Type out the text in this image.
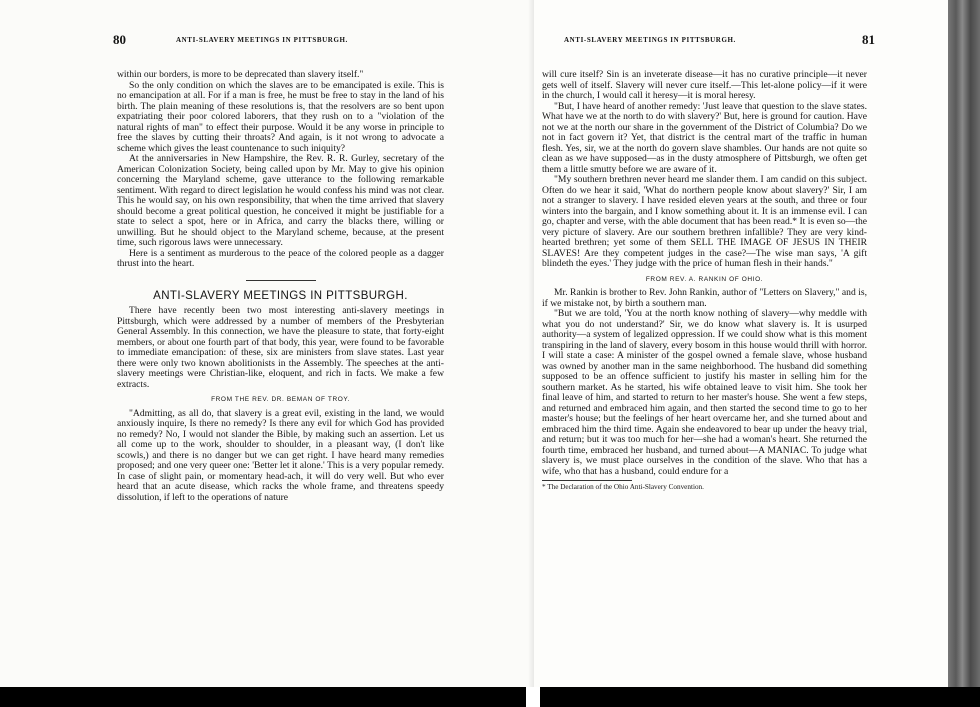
80	ANTI-SLAVERY MEETINGS IN PITTSBURGH.

within our borders, is more to be deprecated than slavery itself."

So the only condition on which the slaves are to be emancipated is exile. This is no emancipation at all. For if a man is free, he must be free to stay in the land of his birth. The plain meaning of these resolutions is, that the resolvers are so bent upon expatriating their poor colored laborers, that they rush on to a "violation of the natural rights of man" to effect their purpose. Would it be any worse in principle to free the slaves by cutting their throats? And again, is it not wrong to advocate a scheme which gives the least countenance to such iniquity?

At the anniversaries in New Hampshire, the Rev. R. R. Gurley, secretary of the American Colonization Society, being called upon by Mr. May to give his opinion concerning the Maryland scheme, gave utterance to the following remarkable sentiment. With regard to direct legislation he would confess his mind was not clear. This he would say, on his own responsibility, that when the time arrived that slavery should become a great political question, he conceived it might be justifiable for a state to select a spot, here or in Africa, and carry the blacks there, willing or unwilling. But he should object to the Maryland scheme, because, at the present time, such rigorous laws were unnecessary.

Here is a sentiment as murderous to the peace of the colored people as a dagger thrust into the heart.

ANTI-SLAVERY MEETINGS IN PITTSBURGH.

There have recently been two most interesting anti-slavery meetings in Pittsburgh, which were addressed by a number of members of the Presbyterian General Assembly. In this connection, we have the pleasure to state, that forty-eight members, or about one fourth part of that body, this year, were found to be favorable to immediate emancipation: of these, six are ministers from slave states. Last year there were only two known abolitionists in the Assembly. The speeches at the anti-slavery meetings were Christian-like, eloquent, and rich in facts. We make a few extracts.

FROM THE REV. DR. BEMAN OF TROY.

"Admitting, as all do, that slavery is a great evil, existing in the land, we would anxiously inquire, Is there no remedy? Is there any evil for which God has provided no remedy? No, I would not slander the Bible, by making such an assertion. Let us all come up to the work, shoulder to shoulder, in a pleasant way, (I don't like scowls,) and there is no danger but we can get right. I have heard many remedies proposed; and one very queer one: 'Better let it alone.' This is a very popular remedy. In case of slight pain, or momentary head-ach, it will do very well. But who ever heard that an acute disease, which racks the whole frame, and threatens speedy dissolution, if left to the operations of nature

ANTI-SLAVERY MEETINGS IN PITTSBURGH.	81

will cure itself? Sin is an inveterate disease—it has no curative principle—it never gets well of itself. Slavery will never cure itself.—This let-alone policy—if it were in the church, I would call it heresy—it is moral heresy.

"But, I have heard of another remedy: 'Just leave that question to the slave states. What have we at the north to do with slavery?' But, here is ground for caution. Have not we at the north our share in the government of the District of Columbia? Do we not in fact govern it? Yet, that district is the central mart of the traffic in human flesh. Yes, sir, we at the north do govern slave shambles. Our hands are not quite so clean as we have supposed—as in the dusty atmosphere of Pittsburgh, we often get them a little smutty before we are aware of it.

"My southern brethren never heard me slander them. I am candid on this subject. Often do we hear it said, 'What do northern people know about slavery?' Sir, I am not a stranger to slavery. I have resided eleven years at the south, and three or four winters into the bargain, and I know something about it. It is an immense evil. I can go, chapter and verse, with the able document that has been read.* It is even so—the very picture of slavery. Are our southern brethren infallible? They are very kind-hearted brethren; yet some of them SELL THE IMAGE OF JESUS IN THEIR SLAVES! Are they competent judges in the case?—The wise man says, 'A gift blindeth the eyes.' They judge with the price of human flesh in their hands."

FROM REV. A. RANKIN OF OHIO.

Mr. Rankin is brother to Rev. John Rankin, author of "Letters on Slavery," and is, if we mistake not, by birth a southern man.

"But we are told, 'You at the north know nothing of slavery—why meddle with what you do not understand?' Sir, we do know what slavery is. It is usurped authority—a system of legalized oppression. If we could show what is this moment transpiring in the land of slavery, every bosom in this house would thrill with horror. I will state a case: A minister of the gospel owned a female slave, whose husband was owned by another man in the same neighborhood. The husband did something supposed to be an offence sufficient to justify his master in selling him for the southern market. As he started, his wife obtained leave to visit him. She took her final leave of him, and started to return to her master's house. She went a few steps, and returned and embraced him again, and then started the second time to go to her master's house; but the feelings of her heart overcame her, and she turned about and embraced him the third time. Again she endeavored to bear up under the heavy trial, and return; but it was too much for her—she had a woman's heart. She returned the fourth time, embraced her husband, and turned about—A MANIAC. To judge what slavery is, we must place ourselves in the condition of the slave. Who that has a wife, who that has a husband, could endure for a

* The Declaration of the Ohio Anti-Slavery Convention.
